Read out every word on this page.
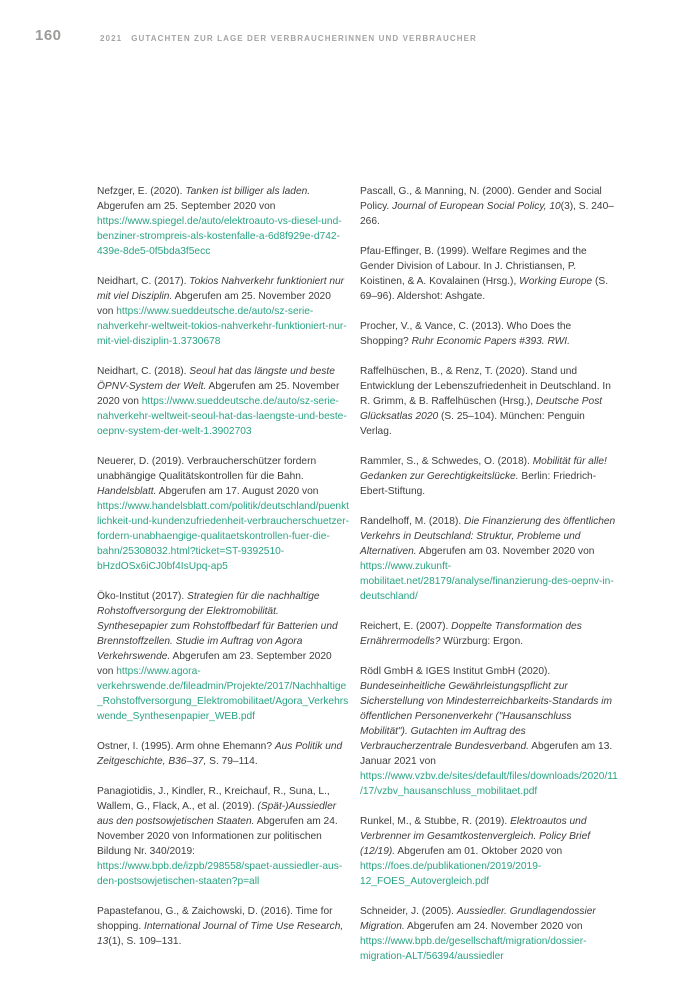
160	2021 GUTACHTEN ZUR LAGE DER VERBRAUCHERINNEN UND VERBRAUCHER

Nefzger, E. (2020). Tanken ist billiger als laden. Abgerufen am 25. September 2020 von https://www.spiegel.de/auto/elektroauto-vs-diesel-und-benziner-strompreis-als-kostenfalle-a-6d8f929e-d742-439e-8de5-0f5bda3f5ecc

Neidhart, C. (2017). Tokios Nahverkehr funktioniert nur mit viel Disziplin. Abgerufen am 25. November 2020 von https://www.sueddeutsche.de/auto/sz-serie-nahverkehr-weltweit-tokios-nahverkehr-funktioniert-nur-mit-viel-disziplin-1.3730678

Neidhart, C. (2018). Seoul hat das längste und beste ÖPNV-System der Welt. Abgerufen am 25. November 2020 von https://www.sueddeutsche.de/auto/sz-serie-nahverkehr-weltweit-seoul-hat-das-laengste-und-beste-oepnv-system-der-welt-1.3902703

Neuerer, D. (2019). Verbraucherschützer fordern unabhängige Qualitätskontrollen für die Bahn. Handelsblatt. Abgerufen am 17. August 2020 von https://www.handelsblatt.com/politik/deutschland/puenktlichkeit-und-kundenzufriedenheit-verbraucherschuetzer-fordern-unabhaengige-qualitaetskontrollen-fuer-die-bahn/25308032.html?ticket=ST-9392510-bHzdOSx6iCJ0bf4IsUpq-ap5

Öko-Institut (2017). Strategien für die nachhaltige Rohstoffversorgung der Elektromobilität. Synthesepapier zum Rohstoffbedarf für Batterien und Brennstoffzellen. Studie im Auftrag von Agora Verkehrswende. Abgerufen am 23. September 2020 von https://www.agora-verkehrswende.de/fileadmin/Projekte/2017/Nachhaltige_Rohstoffversorgung_Elektromobilitaet/Agora_Verkehrswende_Synthesenpapier_WEB.pdf

Ostner, I. (1995). Arm ohne Ehemann? Aus Politik und Zeitgeschichte, B36–37, S. 79–114.

Panagiotidis, J., Kindler, R., Kreichauf, R., Suna, L., Wallem, G., Flack, A., et al. (2019). (Spät-)Aussiedler aus den postsowjetischen Staaten. Abgerufen am 24. November 2020 von Informationen zur politischen Bildung Nr. 340/2019: https://www.bpb.de/izpb/298558/spaet-aussiedler-aus-den-postsowjetischen-staaten?p=all

Papastefanou, G., & Zaichowski, D. (2016). Time for shopping. International Journal of Time Use Research, 13(1), S. 109–131.

Pascall, G., & Manning, N. (2000). Gender and Social Policy. Journal of European Social Policy, 10(3), S. 240–266.

Pfau-Effinger, B. (1999). Welfare Regimes and the Gender Division of Labour. In J. Christiansen, P. Koistinen, & A. Kovalainen (Hrsg.), Working Europe (S. 69–96). Aldershot: Ashgate.

Procher, V., & Vance, C. (2013). Who Does the Shopping? Ruhr Economic Papers #393. RWI.

Raffelhüschen, B., & Renz, T. (2020). Stand und Entwicklung der Lebenszufriedenheit in Deutschland. In R. Grimm, & B. Raffelhüschen (Hrsg.), Deutsche Post Glücksatlas 2020 (S. 25–104). München: Penguin Verlag.

Rammler, S., & Schwedes, O. (2018). Mobilität für alle! Gedanken zur Gerechtigkeitslücke. Berlin: Friedrich-Ebert-Stiftung.

Randelhoff, M. (2018). Die Finanzierung des öffentlichen Verkehrs in Deutschland: Struktur, Probleme und Alternativen. Abgerufen am 03. November 2020 von https://www.zukunft-mobilitaet.net/28179/analyse/finanzierung-des-oepnv-in-deutschland/

Reichert, E. (2007). Doppelte Transformation des Ernährermodells? Würzburg: Ergon.

Rödl GmbH & IGES Institut GmbH (2020). Bundeseinheitliche Gewährleistungspflicht zur Sicherstellung von Mindesterreichbarkeits-Standards im öffentlichen Personenverkehr ("Hausanschluss Mobilität"). Gutachten im Auftrag des Verbraucherzentrale Bundesverband. Abgerufen am 13. Januar 2021 von https://www.vzbv.de/sites/default/files/downloads/2020/11/17/vzbv_hausanschluss_mobilitaet.pdf

Runkel, M., & Stubbe, R. (2019). Elektroautos und Verbrenner im Gesamtkostenvergleich. Policy Brief (12/19). Abgerufen am 01. Oktober 2020 von https://foes.de/publikationen/2019/2019-12_FOES_Autovergleich.pdf

Schneider, J. (2005). Aussiedler. Grundlagendossier Migration. Abgerufen am 24. November 2020 von https://www.bpb.de/gesellschaft/migration/dossier-migration-ALT/56394/aussiedler
